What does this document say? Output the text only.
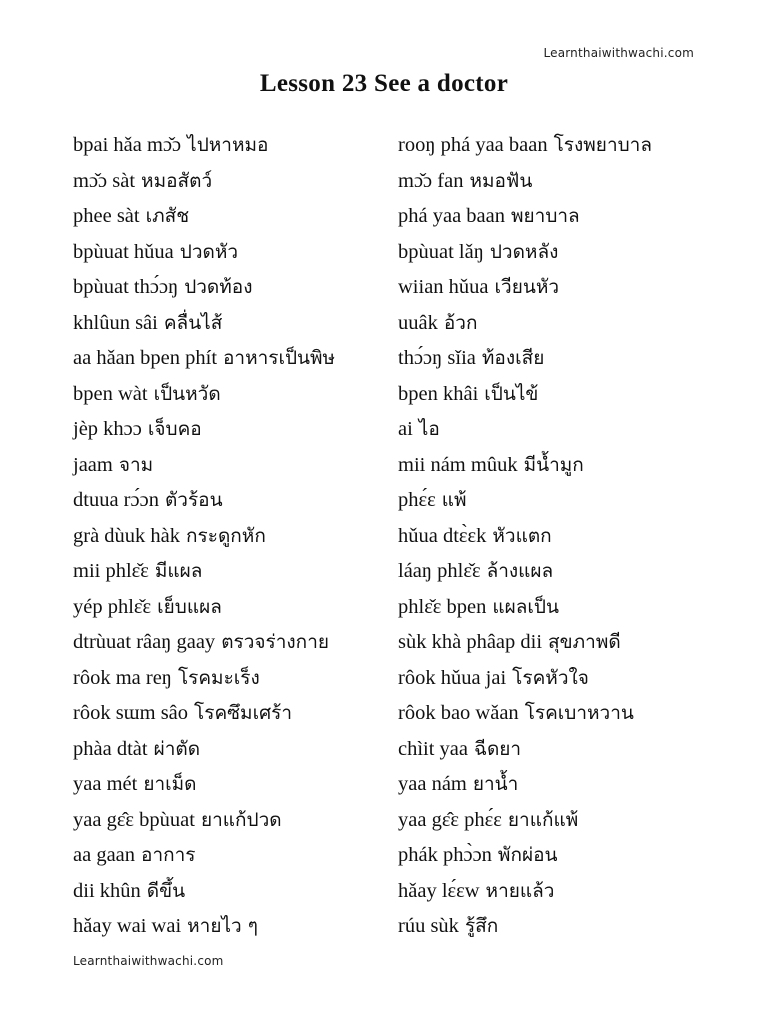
Learnthaiwithwachi.com
Lesson 23 See a doctor
bpai hǎa mɔ̌ɔ ไปหาหมอ
mɔ̌ɔ sàt หมอสัตว์
phee sàt เภสัช
bpùuat hǔua ปวดหัว
bpùuat thɔ́ɔŋ ปวดท้อง
khlûun sâi คลื่นไส้
aa hǎan bpen phít อาหารเป็นพิษ
bpen wàt เป็นหวัด
jèp khɔɔ เจ็บคอ
jaam จาม
dtuua rɔ́ɔn ตัวร้อน
grà dùuk hàk กระดูกหัก
mii phlɛ̌ɛ มีแผล
yép phlɛ̌ɛ เย็บแผล
dtrùuat râaŋ gaay ตรวจร่างกาย
rôok ma reŋ โรคมะเร็ง
rôok sɯm sâo โรคซึมเศร้า
phàa dtàt ผ่าตัด
yaa mét ยาเม็ด
yaa gɛ̂ɛ bpùuat ยาแก้ปวด
aa gaan อาการ
dii khûn ดีขึ้น
hǎay wai wai หายไว ๆ
rooŋ phá yaa baan โรงพยาบาล
mɔ̌ɔ fan หมอฟัน
phá yaa baan พยาบาล
bpùuat lǎŋ ปวดหลัง
wiian hǔua เวียนหัว
uuâk อ้วก
thɔ́ɔŋ sǐia ท้องเสีย
bpen khâi เป็นไข้
ai ไอ
mii nám mûuk มีน้ำมูก
phɛ́ɛ แพ้
hǔua dtɛ̀ɛk หัวแตก
láaŋ phlɛ̌ɛ ล้างแผล
phlɛ̌ɛ bpen แผลเป็น
sùk khà phâap dii สุขภาพดี
rôok hǔua jai โรคหัวใจ
rôok bao wǎan โรคเบาหวาน
chìit yaa ฉีดยา
yaa nám ยาน้ำ
yaa gɛ̂ɛ phɛ́ɛ ยาแก้แพ้
phák phɔ̀ɔn พักผ่อน
hǎay lɛ́ɛw หายแล้ว
rúu sùk รู้สึก
Learnthaiwithwachi.com
